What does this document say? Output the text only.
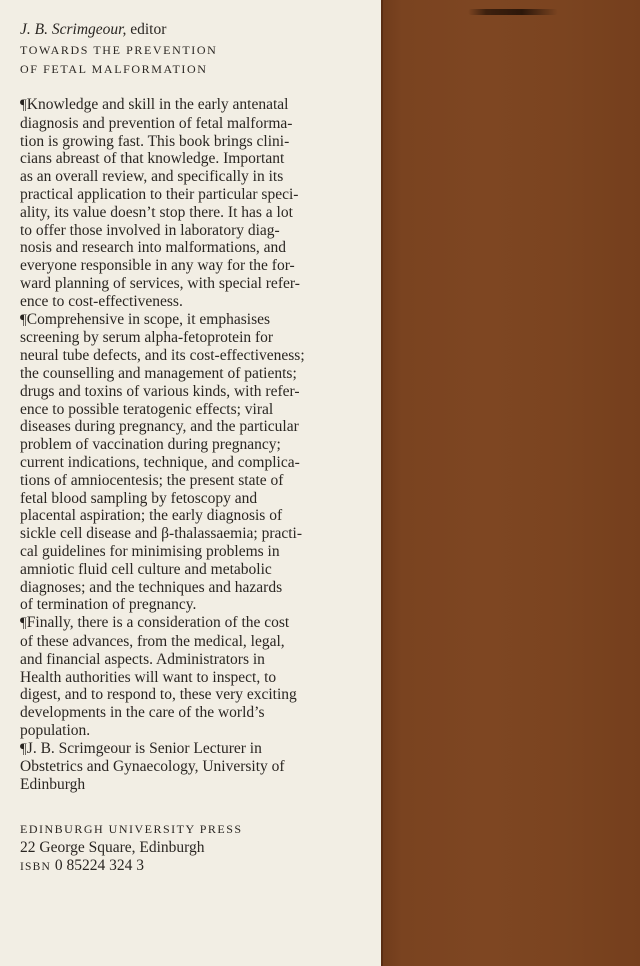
J. B. Scrimgeour, editor

TOWARDS THE PREVENTION
OF FETAL MALFORMATION

¶Knowledge and skill in the early antenatal
diagnosis and prevention of fetal malforma-
tion is growing fast. This book brings clini-
cians abreast of that knowledge. Important
as an overall review, and specifically in its
practical application to their particular speci-
ality, its value doesn’t stop there. It has a lot
to offer those involved in laboratory diag-
nosis and research into malformations, and
everyone responsible in any way for the for-
ward planning of services, with special refer-
ence to cost-effectiveness.

¶Comprehensive in scope, it emphasises
screening by serum alpha-fetoprotein for
neural tube defects, and its cost-effectiveness;
the counselling and management of patients;
drugs and toxins of various kinds, with refer-
ence to possible teratogenic effects; viral
diseases during pregnancy, and the particular
problem of vaccination during pregnancy;
current indications, technique, and complica-
tions of amniocentesis; the present state of
fetal blood sampling by fetoscopy and
placental aspiration; the early diagnosis of
sickle cell disease and β-thalassaemia; practi-
cal guidelines for minimising problems in
amniotic fluid cell culture and metabolic
diagnoses; and the techniques and hazards
of termination of pregnancy.

¶Finally, there is a consideration of the cost
of these advances, from the medical, legal,
and financial aspects. Administrators in
Health authorities will want to inspect, to
digest, and to respond to, these very exciting
developments in the care of the world’s
population.

¶J. B. Scrimgeour is Senior Lecturer in
Obstetrics and Gynaecology, University of
Edinburgh

EDINBURGH UNIVERSITY PRESS

22 George Square, Edinburgh

ISBN 0 85224 324 3
